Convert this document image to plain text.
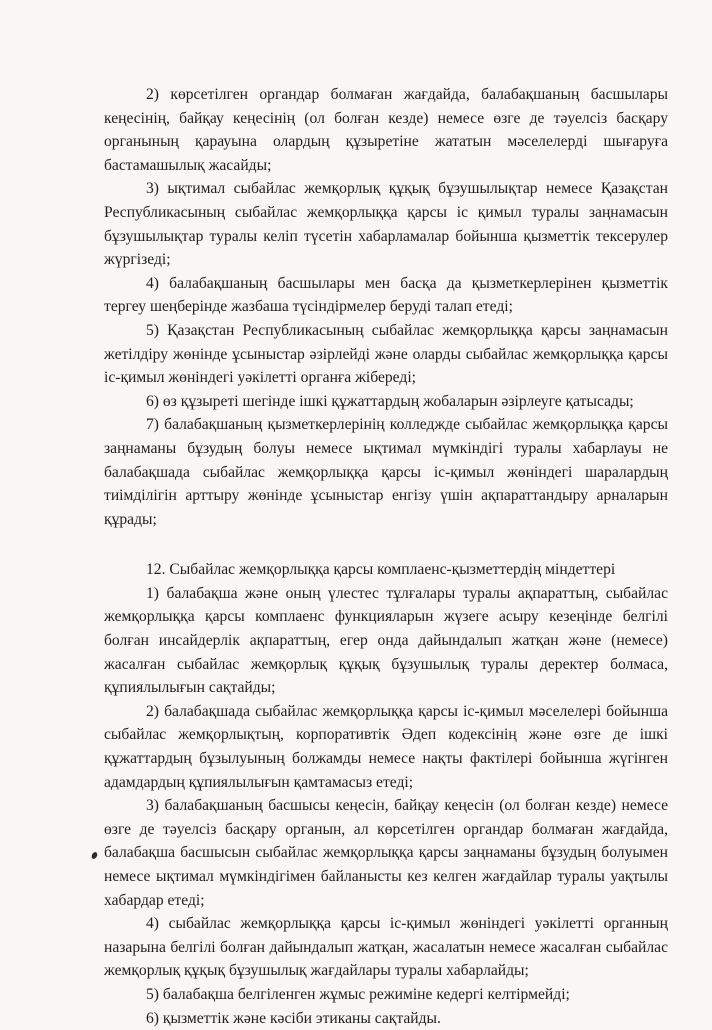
2) көрсетілген органдар болмаған жағдайда, балабақшаның басшылары кеңесінің, байқау кеңесінің (ол болған кезде) немесе өзге де тәуелсіз басқару органының қарауына олардың құзыретіне жататын мәселелерді шығаруға бастамашылық жасайды;

3) ықтимал сыбайлас жемқорлық құқық бұзушылықтар немесе Қазақстан Республикасының сыбайлас жемқорлыққа қарсы іс қимыл туралы заңнамасын бұзушылықтар туралы келіп түсетін хабарламалар бойынша қызметтік тексерулер жүргізеді;

4) балабақшаның басшылары мен басқа да қызметкерлерінен қызметтік тергеу шеңберінде жазбаша түсіндірмелер беруді талап етеді;

5) Қазақстан Республикасының сыбайлас жемқорлыққа қарсы заңнамасын жетілдіру жөнінде ұсыныстар әзірлейді және оларды сыбайлас жемқорлыққа қарсы іс-қимыл жөніндегі уәкілетті органға жібереді;

6) өз құзыреті шегінде ішкі құжаттардың жобаларын әзірлеуге қатысады;

7) балабақшаның қызметкерлерінің колледжде сыбайлас жемқорлыққа қарсы заңнаманы бұзудың болуы немесе ықтимал мүмкіндігі туралы хабарлауы не балабақшада сыбайлас жемқорлыққа қарсы іс-қимыл жөніндегі шаралардың тиімділігін арттыру жөнінде ұсыныстар енгізу үшін ақпараттандыру арналарын құрады;

12. Сыбайлас жемқорлыққа қарсы комплаенс-қызметтердің міндеттері

1) балабақша және оның үлестес тұлғалары туралы ақпараттың, сыбайлас жемқорлыққа қарсы комплаенс функцияларын жүзеге асыру кезеңінде белгілі болған инсайдерлік ақпараттың, егер онда дайындалып жатқан және (немесе) жасалған сыбайлас жемқорлық құқық бұзушылық туралы деректер болмаса, құпиялылығын сақтайды;

2) балабақшада сыбайлас жемқорлыққа қарсы іс-қимыл мәселелері бойынша сыбайлас жемқорлықтың, корпоративтік Әдеп кодексінің және өзге де ішкі құжаттардың бұзылуының болжамды немесе нақты фактілері бойынша жүгінген адамдардың құпиялылығын қамтамасыз етеді;

3) балабақшаның басшысы кеңесін, байқау кеңесін (ол болған кезде) немесе өзге де тәуелсіз басқару органын, ал көрсетілген органдар болмаған жағдайда, балабақша басшысын сыбайлас жемқорлыққа қарсы заңнаманы бұзудың болуымен немесе ықтимал мүмкіндігімен байланысты кез келген жағдайлар туралы уақтылы хабардар етеді;

4) сыбайлас жемқорлыққа қарсы іс-қимыл жөніндегі уәкілетті органның назарына белгілі болған дайындалып жатқан, жасалатын немесе жасалған сыбайлас жемқорлық құқық бұзушылық жағдайлары туралы хабарлайды;

5) балабақша белгіленген жұмыс режиміне кедергі келтірмейді;

6) қызметтік және кәсіби этиканы сақтайды.
